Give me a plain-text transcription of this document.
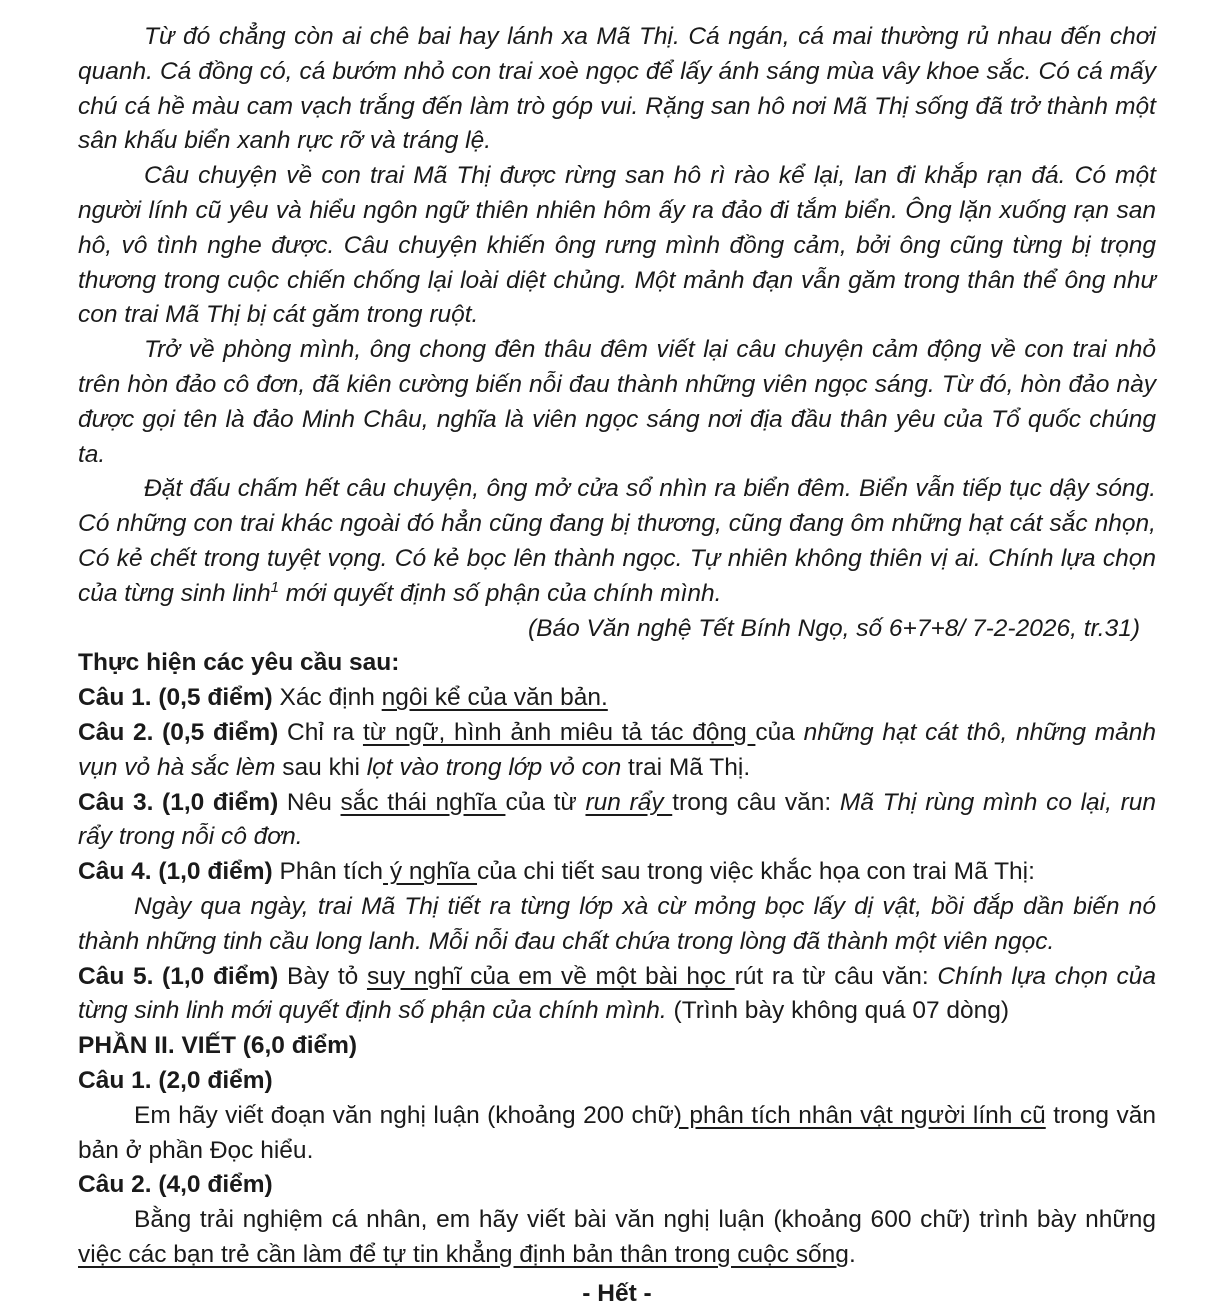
Từ đó chẳng còn ai chê bai hay lánh xa Mã Thị. Cá ngán, cá mai thường rủ nhau đến chơi quanh. Cá đồng có, cá bướm nhỏ con trai xoè ngọc để lấy ánh sáng mùa vây khoe sắc. Có cá mấy chú cá hề màu cam vạch trắng đến làm trò góp vui. Rặng san hô nơi Mã Thị sống đã trở thành một sân khấu biển xanh rực rỡ và tráng lệ.

Câu chuyện về con trai Mã Thị được rừng san hô rì rào kể lại, lan đi khắp rạn đá. Có một người lính cũ yêu và hiểu ngôn ngữ thiên nhiên hôm ấy ra đảo đi tắm biển. Ông lặn xuống rạn san hô, vô tình nghe được. Câu chuyện khiến ông rưng mình đồng cảm, bởi ông cũng từng bị trọng thương trong cuộc chiến chống lại loài diệt chủng. Một mảnh đạn vẫn găm trong thân thể ông như con trai Mã Thị bị cát găm trong ruột.

Trở về phòng mình, ông chong đên thâu đêm viết lại câu chuyện cảm động về con trai nhỏ trên hòn đảo cô đơn, đã kiên cường biến nỗi đau thành những viên ngọc sáng. Từ đó, hòn đảo này được gọi tên là đảo Minh Châu, nghĩa là viên ngọc sáng nơi địa đầu thân yêu của Tổ quốc chúng ta.

Đặt đấu chấm hết câu chuyện, ông mở cửa sổ nhìn ra biển đêm. Biển vẫn tiếp tục dậy sóng. Có những con trai khác ngoài đó hẳn cũng đang bị thương, cũng đang ôm những hạt cát sắc nhọn, Có kẻ chết trong tuyệt vọng. Có kẻ bọc lên thành ngọc. Tự nhiên không thiên vị ai. Chính lựa chọn của từng sinh linh$^1$ mới quyết định số phận của chính mình.

(Báo Văn nghệ Tết Bính Ngọ, số 6+7+8/ 7-2-2026, tr.31)

Thực hiện các yêu cầu sau:

Câu 1. (0,5 điểm) Xác định ngôi kể của văn bản.

Câu 2. (0,5 điểm) Chỉ ra từ ngữ, hình ảnh miêu tả tác động của những hạt cát thô, những mảnh vụn vỏ hà sắc lèm sau khi lọt vào trong lớp vỏ con trai Mã Thị.

Câu 3. (1,0 điểm) Nêu sắc thái nghĩa của từ run rẩy trong câu văn: Mã Thị rùng mình co lại, run rẩy trong nỗi cô đơn.

Câu 4. (1,0 điểm) Phân tích ý nghĩa của chi tiết sau trong việc khắc họa con trai Mã Thị:

Ngày qua ngày, trai Mã Thị tiết ra từng lớp xà cừ mỏng bọc lấy dị vật, bồi đắp dần biến nó thành những tinh cầu long lanh. Mỗi nỗi đau chất chứa trong lòng đã thành một viên ngọc.

Câu 5. (1,0 điểm) Bày tỏ suy nghĩ của em về một bài học rút ra từ câu văn: Chính lựa chọn của từng sinh linh mới quyết định số phận của chính mình. (Trình bày không quá 07 dòng)

PHẦN II. VIẾT (6,0 điểm)

Câu 1. (2,0 điểm)

Em hãy viết đoạn văn nghị luận (khoảng 200 chữ) phân tích nhân vật người lính cũ trong văn bản ở phần Đọc hiểu.

Câu 2. (4,0 điểm)

Bằng trải nghiệm cá nhân, em hãy viết bài văn nghị luận (khoảng 600 chữ) trình bày những việc các bạn trẻ cần làm để tự tin khẳng định bản thân trong cuộc sống.

- Hết -
